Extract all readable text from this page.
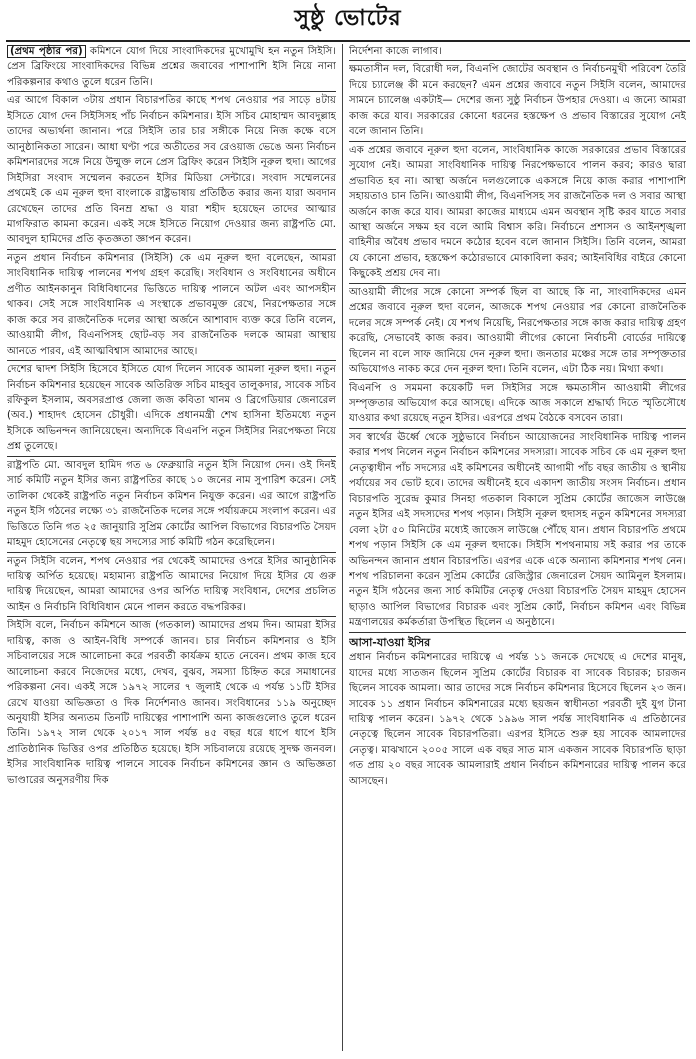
সুষ্ঠু ভোটের

(প্রথম পৃষ্ঠার পর) কমিশনে যোগ দিয়ে সাংবাদিকদের মুখোমুখি হন নতুন সিইসি। প্রেস ব্রিফিংয়ে সাংবাদিকদের বিভিন্ন প্রশ্নের জবাবের পাশাপাশি ইসি নিয়ে নানা পরিকল্পনার কথাও তুলে ধরেন তিনি।

এর আগে বিকাল ৩টায় প্রধান বিচারপতির কাছে শপথ নেওয়ার পর সাড়ে ৪টায় ইসিতে যোগ দেন সিইসিসহ পাঁচ নির্বাচন কমিশনার। ইসি সচিব মোহাম্মদ আবদুল্লাহ তাদের অভ্যর্থনা জানান। পরে সিইসি তার চার সঙ্গীকে নিয়ে নিজ কক্ষে বসে আনুষ্ঠানিকতা সারেন। আধা ঘণ্টা পরে অতীতের সব রেওয়াজ ভেঙে অন্য নির্বাচন কমিশনারদের সঙ্গে নিয়ে উন্মুক্ত লনে প্রেস ব্রিফিং করেন সিইসি নূরুল হুদা। আগের সিইসিরা সংবাদ সম্মেলন করতেন ইসির মিডিয়া সেন্টারে। সংবাদ সম্মেলনের প্রথমেই কে এম নূরুল হুদা বাংলাকে রাষ্ট্রভাষায় প্রতিষ্ঠিত করার জন্য যারা অবদান রেখেছেন তাদের প্রতি বিনম্র শ্রদ্ধা ও যারা শহীদ হয়েছেন তাদের আত্মার মাগফিরাত কামনা করেন। একই সঙ্গে ইসিতে নিয়োগ দেওয়ার জন্য রাষ্ট্রপতি মো. আবদুল হামিদের প্রতি কৃতজ্ঞতা জ্ঞাপন করেন।

নতুন প্রধান নির্বাচন কমিশনার (সিইসি) কে এম নূরুল হুদা বলেছেন, আমরা সাংবিধানিক দায়িত্ব পালনের শপথ গ্রহণ করেছি। সংবিধান ও সংবিধানের অধীনে প্রণীত আইনকানুন বিধিবিধানের ভিত্তিতে দায়িত্ব পালনে অটল এবং আপসহীন থাকব। সেই সঙ্গে সাংবিধানিক এ সংস্থাকে প্রভাবমুক্ত রেখে, নিরপেক্ষতার সঙ্গে কাজ করে সব রাজনৈতিক দলের আস্থা অর্জনে আশাবাদ ব্যক্ত করে তিনি বলেন, আওয়ামী লীগ, বিএনপিসহ ছোট-বড় সব রাজনৈতিক দলকে আমরা আস্থায় আনতে পারব, এই আত্মবিশ্বাস আমাদের আছে।

দেশের দ্বাদশ সিইসি হিসেবে ইসিতে যোগ দিলেন সাবেক আমলা নূরুল হুদা। নতুন নির্বাচন কমিশনার হয়েছেন সাবেক অতিরিক্ত সচিব মাহবুব তালুকদার, সাবেক সচিব রফিকুল ইসলাম, অবসরপ্রাপ্ত জেলা জজ কবিতা খানম ও ব্রিগেডিয়ার জেনারেল (অব.) শাহাদৎ হোসেন চৌধুরী। এদিকে প্রধানমন্ত্রী শেখ হাসিনা ইতিমধ্যে নতুন ইসিকে অভিনন্দন জানিয়েছেন। অন্যদিকে বিএনপি নতুন সিইসির নিরপেক্ষতা নিয়ে প্রশ্ন তুলেছে।

রাষ্ট্রপতি মো. আবদুল হামিদ গত ৬ ফেব্রুয়ারি নতুন ইসি নিয়োগ দেন। ওই দিনই সার্চ কমিটি নতুন ইসির জন্য রাষ্ট্রপতির কাছে ১০ জনের নাম সুপারিশ করেন। সেই তালিকা থেকেই রাষ্ট্রপতি নতুন নির্বাচন কমিশন নিযুক্ত করেন। এর আগে রাষ্ট্রপতি নতুন ইসি গঠনের লক্ষ্যে ৩১ রাজনৈতিক দলের সঙ্গে পর্যায়ক্রমে সংলাপ করেন। এর ভিত্তিতে তিনি গত ২৫ জানুয়ারি সুপ্রিম কোর্টের আপিল বিভাগের বিচারপতি সৈয়দ মাহমুদ হোসেনের নেতৃত্বে ছয় সদস্যের সার্চ কমিটি গঠন করেছিলেন।

নতুন সিইসি বলেন, শপথ নেওয়ার পর থেকেই আমাদের ওপরে ইসির আনুষ্ঠানিক দায়িত্ব অর্পিত হয়েছে। মহামান্য রাষ্ট্রপতি আমাদের নিয়োগ দিয়ে ইসির যে গুরু দায়িত্ব দিয়েছেন, আমরা আমাদের ওপর অর্পিত দায়িত্ব সংবিধান, দেশের প্রচলিত আইন ও নির্বাচনি বিধিবিধান মেনে পালন করতে বদ্ধপরিকর।

সিইসি বলে, নির্বাচন কমিশনে আজ (গতকাল) আমাদের প্রথম দিন। আমরা ইসির দায়িত্ব, কাজ ও আইন-বিধি সম্পর্কে জানব। চার নির্বাচন কমিশনার ও ইসি সচিবালয়ের সঙ্গে আলোচনা করে পরবর্তী কার্যক্রম হাতে নেবেন। প্রথম কাজ হবে আলোচনা করবে নিজেদের মধ্যে, দেখব, বুঝব, সমস্যা চিহ্নিত করে সমাধানের পরিকল্পনা নেব। একই সঙ্গে ১৯৭২ সালের ৭ জুলাই থেকে এ পর্যন্ত ১১টি ইসির রেখে যাওয়া অভিজ্ঞতা ও দিক নির্দেশনাও জানব। সংবিধানের ১১৯ অনুচ্ছেদ অনুযায়ী ইসির অন্যতম তিনটি দায়িত্বের পাশাপাশি অন্য কাজগুলোও তুলে ধরেন তিনি। ১৯৭২ সাল থেকে ২০১৭ সাল পর্যন্ত ৪৫ বছর ধরে ধাপে ধাপে ইসি প্রাতিষ্ঠানিক ভিত্তির ওপর প্রতিষ্ঠিত হয়েছে। ইসি সচিবালয়ে রয়েছে সুদক্ষ জনবল। ইসির সাংবিধানিক দায়িত্ব পালনে সাবেক নির্বাচন কমিশনের জ্ঞান ও অভিজ্ঞতা ভাণ্ডারের অনুসরণীয় দিক

নির্দেশনা কাজে লাগাব।

ক্ষমতাসীন দল, বিরোধী দল, বিএনপি জোটের অবস্থান ও নির্বাচনমুখী পরিবেশ তৈরি দিয়ে চ্যালেঞ্জ কী মনে করছেন? এমন প্রশ্নের জবাবে নতুন সিইসি বলেন, আমাদের সামনে চ্যালেঞ্জ একটাই— দেশের জন্য সুষ্ঠু নির্বাচন উপহার দেওয়া। এ জন্যে আমরা কাজ করে যাব। সরকারের কোনো ধরনের হস্তক্ষেপ ও প্রভাব বিস্তারের সুযোগ নেই বলে জানান তিনি।

এক প্রশ্নের জবাবে নূরুল হুদা বলেন, সাংবিধানিক কাজে সরকারের প্রভাব বিস্তারের সুযোগ নেই। আমরা সাংবিধানিক দায়িত্ব নিরপেক্ষভাবে পালন করব; কারও দ্বারা প্রভাবিত হব না। আস্থা অর্জনে দলগুলোকে একসঙ্গে নিয়ে কাজ করার পাশাপাশি সহায়তাও চান তিনি। আওয়ামী লীগ, বিএনপিসহ সব রাজনৈতিক দল ও সবার আস্থা অর্জনে কাজ করে যাব। আমরা কাজের মাধ্যমে এমন অবস্থান সৃষ্টি করব যাতে সবার আস্থা অর্জনে সক্ষম হব বলে আমি বিশ্বাস করি। নির্বাচনে প্রশাসন ও আইনশৃঙ্খলা বাহিনীর অবৈধ প্রভাব দমনে কঠোর হবেন বলে জানান সিইসি। তিনি বলেন, আমরা যে কোনো প্রভাব, হস্তক্ষেপ কঠোরভাবে মোকাবিলা করব; আইনবিধির বাইরে কোনো কিছুকেই প্রশ্রয় দেব না।

আওয়ামী লীগের সঙ্গে কোনো সম্পর্ক ছিল বা আছে কি না, সাংবাদিকদের এমন প্রশ্নের জবাবে নূরুল হুদা বলেন, আজকে শপথ নেওয়ার পর কোনো রাজনৈতিক দলের সঙ্গে সম্পর্ক নেই। যে শপথ নিয়েছি, নিরপেক্ষতার সঙ্গে কাজ করার দায়িত্ব গ্রহণ করেছি, সেভাবেই কাজ করব। আওয়ামী লীগের কোনো নির্বাচনী বোর্ডের দায়িত্বে ছিলেন না বলে সাফ জানিয়ে দেন নূরুল হুদা। জনতার মঞ্চের সঙ্গে তার সম্পৃক্ততার অভিযোগও নাকচ করে দেন নূরুল হুদা। তিনি বলেন, এটা ঠিক নয়। মিথ্যা কথা।

বিএনপি ও সমমনা কয়েকটি দল সিইসির সঙ্গে ক্ষমতাসীন আওয়ামী লীগের সম্পৃক্ততার অভিযোগ করে আসছে। এদিকে আজ সকালে শ্রদ্ধার্ঘ্য দিতে স্মৃতিসৌধে যাওয়ার কথা রয়েছে নতুন ইসির। এরপরে প্রথম বৈঠকে বসবেন তারা।

সব স্বার্থের ঊর্ধ্বে থেকে সুষ্ঠুভাবে নির্বাচন আয়োজনের সাংবিধানিক দায়িত্ব পালন করার শপথ নিলেন নতুন নির্বাচন কমিশনের সদস্যরা। সাবেক সচিব কে এম নূরুল হুদা নেতৃত্বাধীন পাঁচ সদস্যের এই কমিশনের অধীনেই আগামী পাঁচ বছর জাতীয় ও স্থানীয় পর্যায়ের সব ভোট হবে। তাদের অধীনেই হবে একাদশ জাতীয় সংসদ নির্বাচন। প্রধান বিচারপতি সুরেন্দ্র কুমার সিনহা গতকাল বিকালে সুপ্রিম কোর্টের জাজেস লাউঞ্জে নতুন ইসির এই সদস্যদের শপথ পড়ান। সিইসি নূরুল হুদাসহ নতুন কমিশনের সদস্যরা বেলা ২টা ৫০ মিনিটের মধ্যেই জাজেস লাউঞ্জে পৌঁছে যান। প্রধান বিচারপতি প্রথমে শপথ পড়ান সিইসি কে এম নূরুল হুদাকে। সিইসি শপথনামায় সই করার পর তাকে অভিনন্দন জানান প্রধান বিচারপতি। এরপর একে একে অন্যান্য কমিশনার শপথ নেন। শপথ পরিচালনা করেন সুপ্রিম কোর্টের রেজিস্ট্রার জেনারেল সৈয়দ আমিনুল ইসলাম। নতুন ইসি গঠনের জন্য সার্চ কমিটির নেতৃত্ব দেওয়া বিচারপতি সৈয়দ মাহমুদ হোসেন ছাড়াও আপিল বিভাগের বিচারক এবং সুপ্রিম কোর্ট, নির্বাচন কমিশন এবং বিভিন্ন মন্ত্রণালয়ের কর্মকর্তারা উপস্থিত ছিলেন এ অনুষ্ঠানে।

আসা-যাওয়া ইসির

প্রধান নির্বাচন কমিশনারের দায়িত্বে এ পর্যন্ত ১১ জনকে দেখেছে এ দেশের মানুষ, যাদের মধ্যে সাতজন ছিলেন সুপ্রিম কোর্টের বিচারক বা সাবেক বিচারক; চারজন ছিলেন সাবেক আমলা। আর তাদের সঙ্গে নির্বাচন কমিশনার হিসেবে ছিলেন ২৩ জন। সাবেক ১১ প্রধান নির্বাচন কমিশনারের মধ্যে ছয়জন স্বাধীনতা পরবর্তী দুই যুগ টানা দায়িত্ব পালন করেন। ১৯৭২ থেকে ১৯৯৬ সাল পর্যন্ত সাংবিধানিক এ প্রতিষ্ঠানের নেতৃত্বে ছিলেন সাবেক বিচারপতিরা। এরপর ইসিতে শুরু হয় সাবেক আমলাদের নেতৃত্ব। মাঝখানে ২০০৫ সালে এক বছর সাত মাস একজন সাবেক বিচারপতি ছাড়া গত প্রায় ২০ বছর সাবেক আমলারাই প্রধান নির্বাচন কমিশনারের দায়িত্ব পালন করে আসছেন।
